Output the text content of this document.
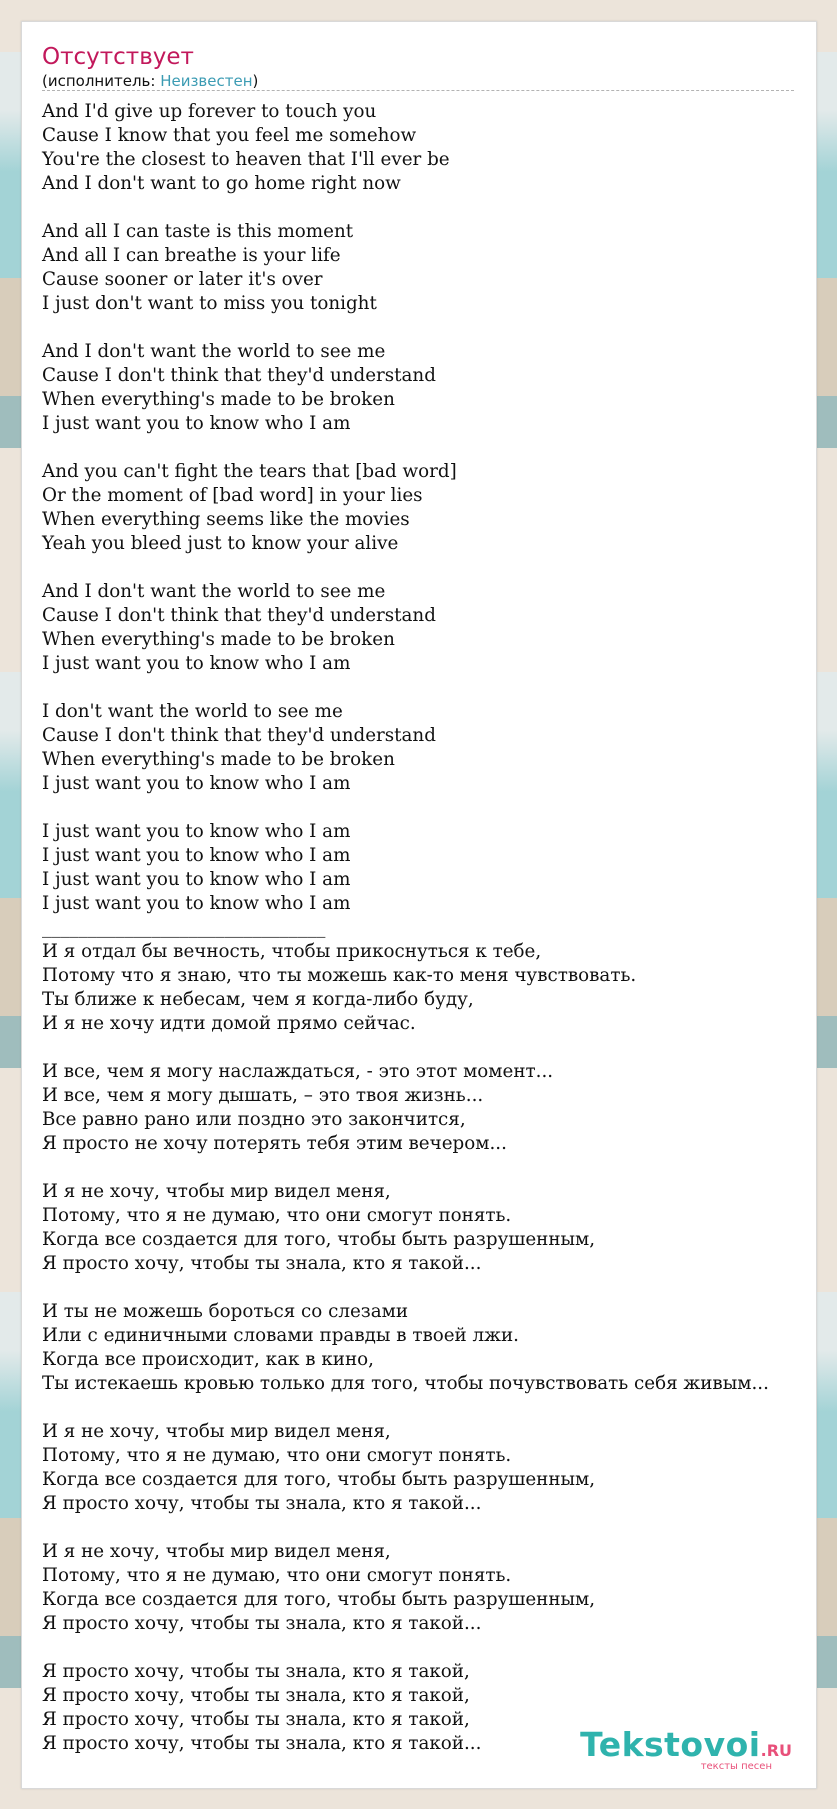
Отсутствует
(исполнитель: Неизвестен)
And I'd give up forever to touch you
Cause I know that you feel me somehow
You're the closest to heaven that I'll ever be
And I don't want to go home right now
And all I can taste is this moment
And all I can breathe is your life
Cause sooner or later it's over
I just don't want to miss you tonight
And I don't want the world to see me
Cause I don't think that they'd understand
When everything's made to be broken
I just want you to know who I am
And you can't fight the tears that [bad word]
Or the moment of [bad word] in your lies
When everything seems like the movies
Yeah you bleed just to know your alive
And I don't want the world to see me
Cause I don't think that they'd understand
When everything's made to be broken
I just want you to know who I am
I don't want the world to see me
Cause I don't think that they'd understand
When everything's made to be broken
I just want you to know who I am
I just want you to know who I am
I just want you to know who I am
I just want you to know who I am
I just want you to know who I am
_______________________________
И я отдал бы вечность, чтобы прикоснуться к тебе,
Потому что я знаю, что ты можешь как-то меня чувствовать.
Ты ближе к небесам, чем я когда-либо буду,
И я не хочу идти домой прямо сейчас.
И все, чем я могу наслаждаться, - это этот момент...
И все, чем я могу дышать, – это твоя жизнь...
Все равно рано или поздно это закончится,
Я просто не хочу потерять тебя этим вечером...
И я не хочу, чтобы мир видел меня,
Потому, что я не думаю, что они смогут понять.
Когда все создается для того, чтобы быть разрушенным,
Я просто хочу, чтобы ты знала, кто я такой...
И ты не можешь бороться со слезами
Или с единичными словами правды в твоей лжи.
Когда все происходит, как в кино,
Ты истекаешь кровью только для того, чтобы почувствовать себя живым...
И я не хочу, чтобы мир видел меня,
Потому, что я не думаю, что они смогут понять.
Когда все создается для того, чтобы быть разрушенным,
Я просто хочу, чтобы ты знала, кто я такой...
И я не хочу, чтобы мир видел меня,
Потому, что я не думаю, что они смогут понять.
Когда все создается для того, чтобы быть разрушенным,
Я просто хочу, чтобы ты знала, кто я такой...
Я просто хочу, чтобы ты знала, кто я такой,
Я просто хочу, чтобы ты знала, кто я такой,
Я просто хочу, чтобы ты знала, кто я такой,
Я просто хочу, чтобы ты знала, кто я такой...	Tekstovoi.RU
тексты песен
